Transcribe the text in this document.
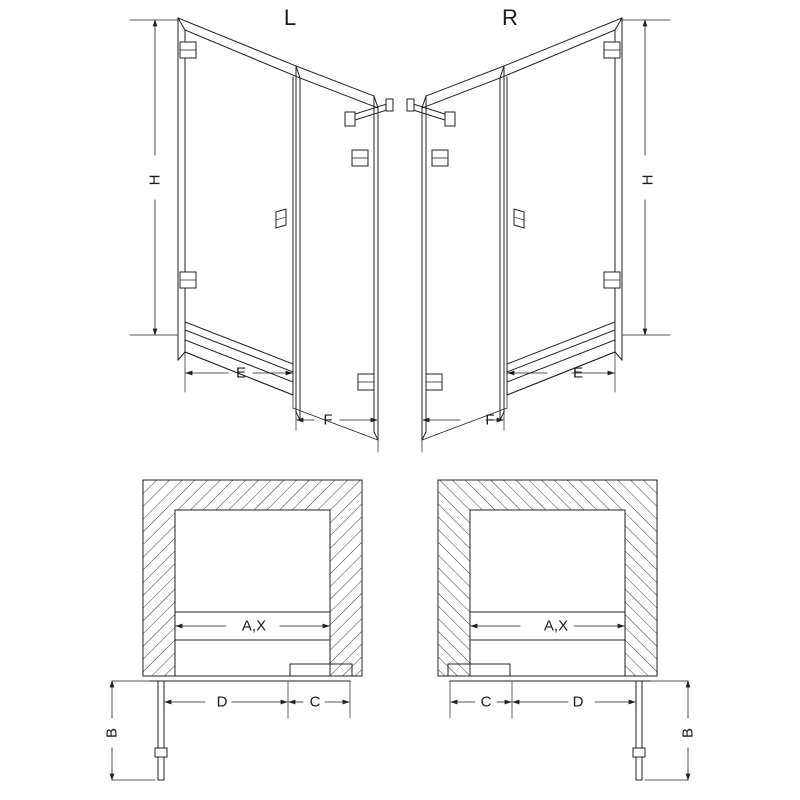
L	R
H	H
E
F
E
F
A,X	A,X
D	C	D
C
B	B
